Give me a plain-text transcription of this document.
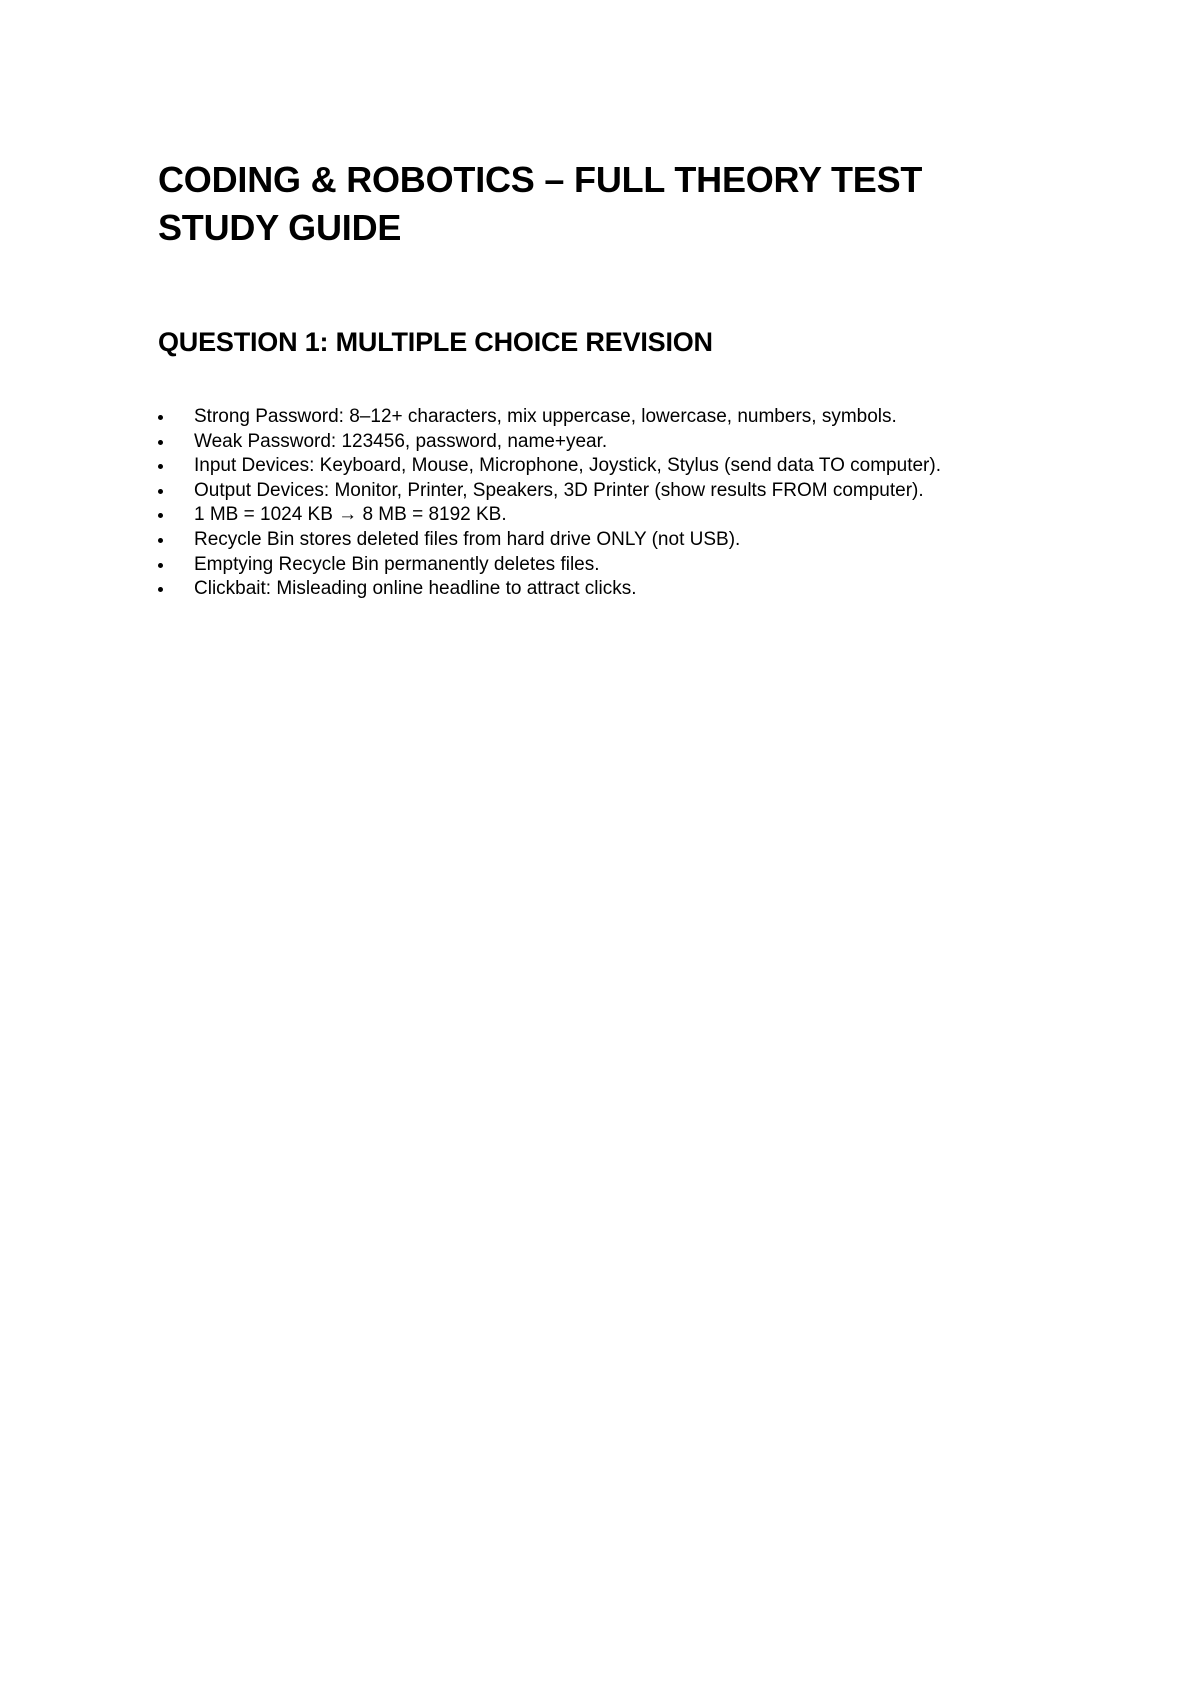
CODING & ROBOTICS – FULL THEORY TEST
STUDY GUIDE
QUESTION 1: MULTIPLE CHOICE REVISION
Strong Password: 8–12+ characters, mix uppercase, lowercase, numbers, symbols.
Weak Password: 123456, password, name+year.
Input Devices: Keyboard, Mouse, Microphone, Joystick, Stylus (send data TO computer).
Output Devices: Monitor, Printer, Speakers, 3D Printer (show results FROM computer).
1 MB = 1024 KB → 8 MB = 8192 KB.
Recycle Bin stores deleted files from hard drive ONLY (not USB).
Emptying Recycle Bin permanently deletes files.
Clickbait: Misleading online headline to attract clicks.
